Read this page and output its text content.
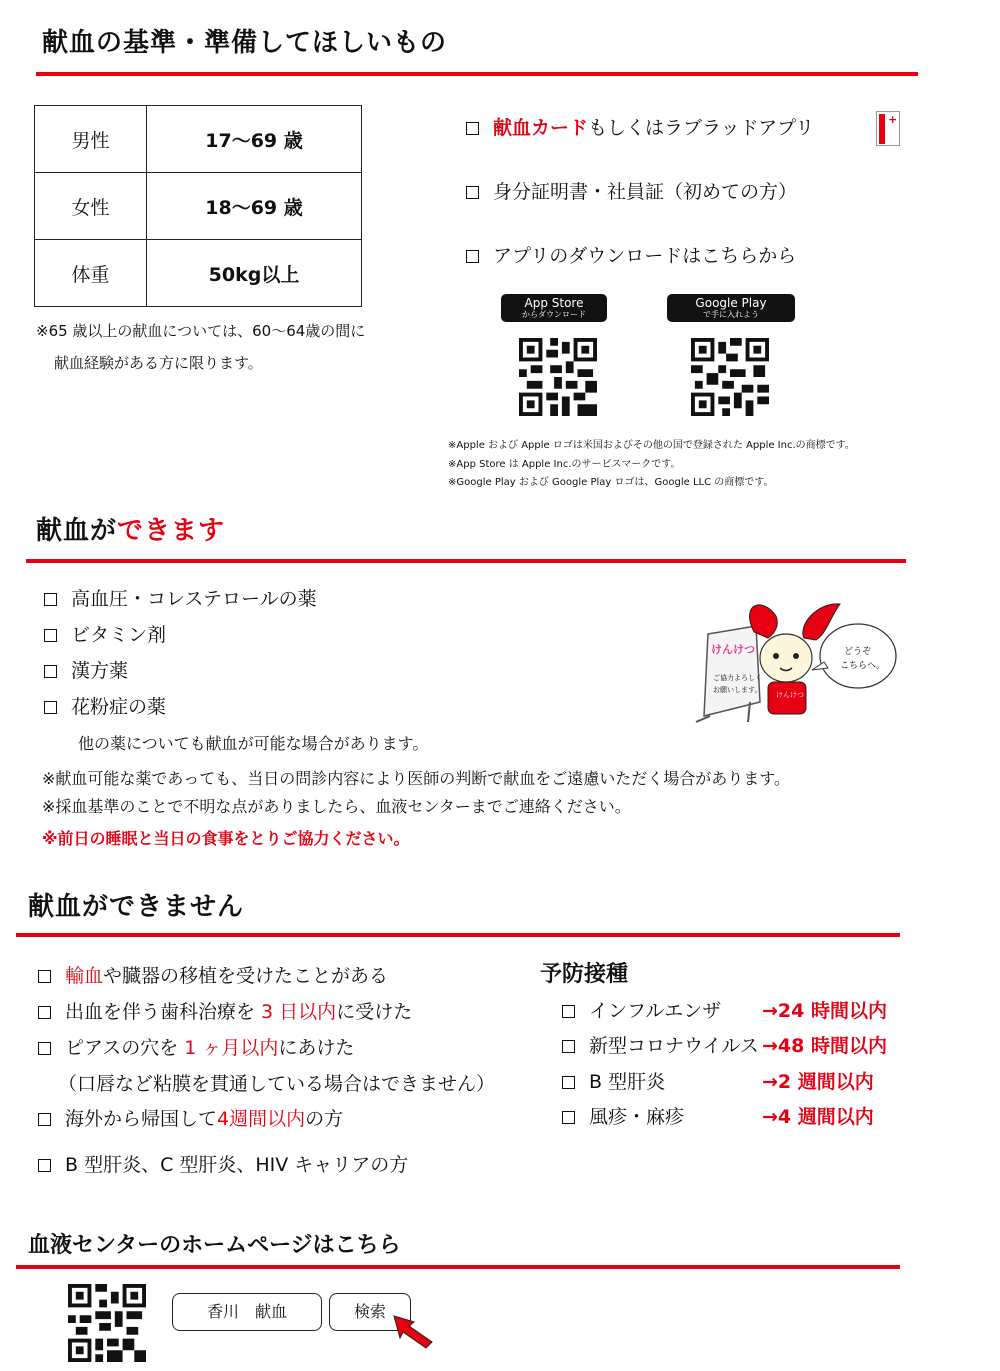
献血の基準・準備してほしいもの
男性	17〜69 歳
女性	18〜69 歳
体重	50kg以上
※65 歳以上の献血については、60〜64歳の間に
献血経験がある方に限ります。
献血カードもしくはラブラッドアプリ	+
身分証明書・社員証（初めての方）
アプリのダウンロードはこちらから
App Store
からダウンロード
Google Play
で手に入れよう
※Apple および Apple ロゴは米国およびその他の国で登録された Apple Inc.の商標です。
※App Store は Apple Inc.のサービスマークです。
※Google Play および Google Play ロゴは、Google LLC の商標です。
献血ができます
高血圧・コレステロールの薬
ビタミン剤
漢方薬
花粉症の薬
他の薬についても献血が可能な場合があります。
※献血可能な薬であっても、当日の問診内容により医師の判断で献血をご遠慮いただく場合があります。
※採血基準のことで不明な点がありましたら、血液センターまでご連絡ください。
※前日の睡眠と当日の食事をとりご協力ください。
けんけつ
ご協力よろしく
お願いします。
どうぞ
こちらへ。
けんけつ
献血ができません
輸血や臓器の移植を受けたことがある
出血を伴う歯科治療を 3 日以内に受けた
ピアスの穴を 1 ヶ月以内にあけた
（口唇など粘膜を貫通している場合はできません）
海外から帰国して4週間以内の方
B 型肝炎、C 型肝炎、HIV キャリアの方
予防接種
インフルエンザ →24 時間以内
新型コロナウイルス →48 時間以内
B 型肝炎	→2 週間以内
風疹・麻疹	→4 週間以内
血液センターのホームページはこちら
香川　献血	検索
